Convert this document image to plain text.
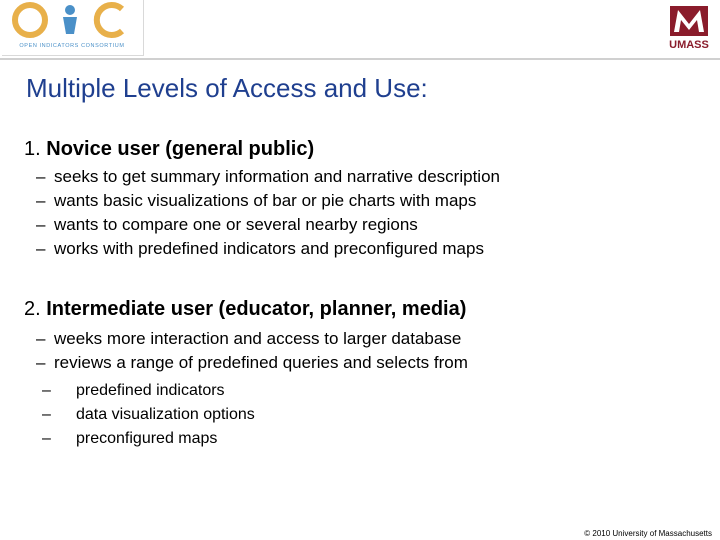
OPEN INDICATORS CONSORTIUM	UMASS
Multiple Levels of Access and Use:

1. Novice user (general public)

– seeks to get summary information and narrative description
– wants basic visualizations of bar or pie charts with maps
– wants to compare one or several nearby regions
– works with predefined indicators and preconfigured maps

2. Intermediate user (educator, planner, media)

– weeks more interaction and access to larger database
– reviews a range of predefined queries and selects from
– predefined indicators
– data visualization options
– preconfigured maps
© 2010 University of Massachusetts
